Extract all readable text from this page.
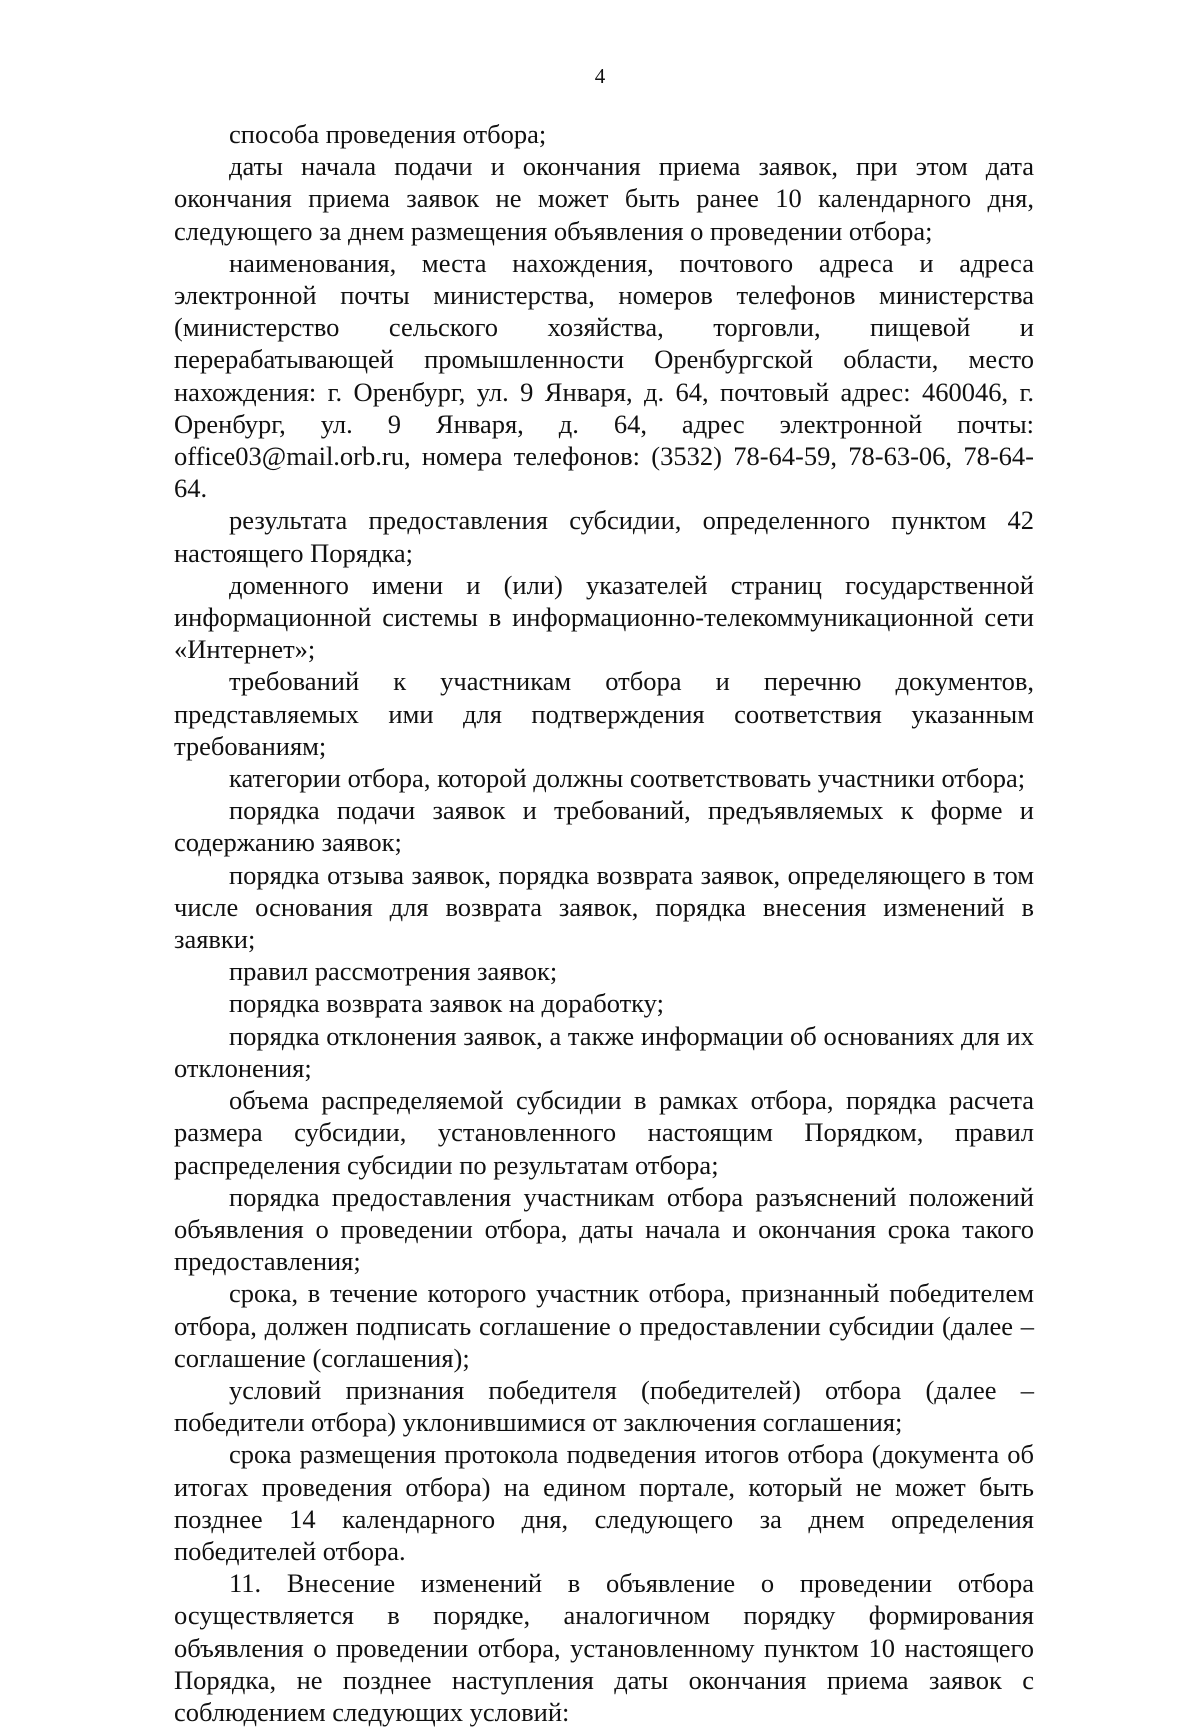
4

способа проведения отбора;

даты начала подачи и окончания приема заявок, при этом дата окончания приема заявок не может быть ранее 10 календарного дня, следующего за днем размещения объявления о проведении отбора;

наименования, места нахождения, почтового адреса и адреса электронной почты министерства, номеров телефонов министерства (министерство сельского хозяйства, торговли, пищевой и перерабатывающей промышленности Оренбургской области, место нахождения: г. Оренбург, ул. 9 Января, д. 64, почтовый адрес: 460046, г. Оренбург, ул. 9 Января, д. 64, адрес электронной почты: office03@mail.orb.ru, номера телефонов: (3532) 78-64-59, 78-63-06, 78-64-64.

результата предоставления субсидии, определенного пунктом 42 настоящего Порядка;

доменного имени и (или) указателей страниц государственной информационной системы в информационно-телекоммуникационной сети «Интернет»;

требований к участникам отбора и перечню документов, представляемых ими для подтверждения соответствия указанным требованиям;

категории отбора, которой должны соответствовать участники отбора;

порядка подачи заявок и требований, предъявляемых к форме и содержанию заявок;

порядка отзыва заявок, порядка возврата заявок, определяющего в том числе основания для возврата заявок, порядка внесения изменений в заявки;

правил рассмотрения заявок;

порядка возврата заявок на доработку;

порядка отклонения заявок, а также информации об основаниях для их отклонения;

объема распределяемой субсидии в рамках отбора, порядка расчета размера субсидии, установленного настоящим Порядком, правил распределения субсидии по результатам отбора;

порядка предоставления участникам отбора разъяснений положений объявления о проведении отбора, даты начала и окончания срока такого предоставления;

срока, в течение которого участник отбора, признанный победителем отбора, должен подписать соглашение о предоставлении субсидии (далее – соглашение (соглашения);

условий признания победителя (победителей) отбора (далее – победители отбора) уклонившимися от заключения соглашения;

срока размещения протокола подведения итогов отбора (документа об итогах проведения отбора) на едином портале, который не может быть позднее 14 календарного дня, следующего за днем определения победителей отбора.

11. Внесение изменений в объявление о проведении отбора осуществляется в порядке, аналогичном порядку формирования объявления о проведении отбора, установленному пунктом 10 настоящего Порядка, не позднее наступления даты окончания приема заявок с соблюдением следующих условий:
